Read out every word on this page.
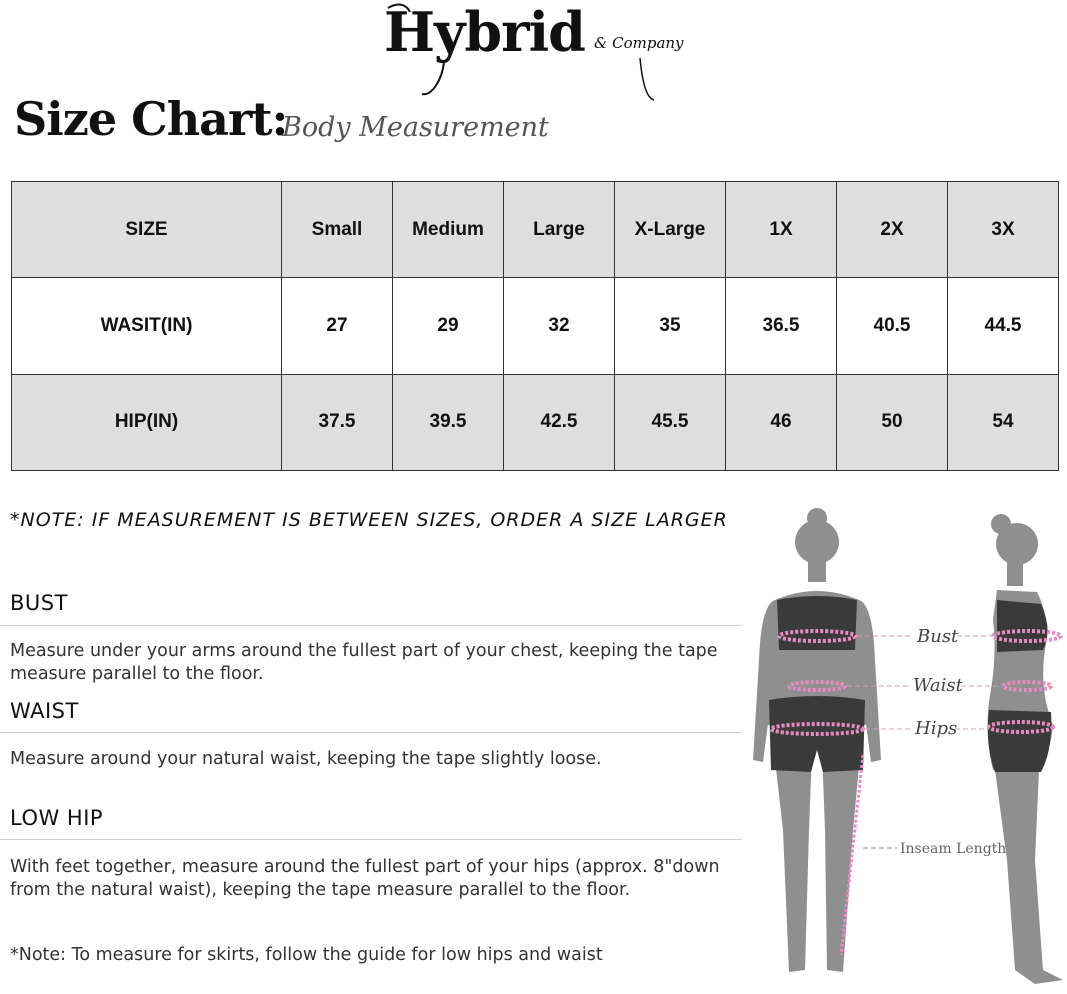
Hybrid & Company
Size Chart:
Body Measurement
SIZE	Small	Medium	Large	X-Large	1X	2X	3X
WASIT(IN)	27	29	32	35	36.5	40.5	44.5
HIP(IN)	37.5	39.5	42.5	45.5	46	50	54
*NOTE: IF MEASUREMENT IS BETWEEN SIZES, ORDER A SIZE LARGER
BUST
Measure under your arms around the fullest part of your chest, keeping the tape measure parallel to the floor.
WAIST
Measure around your natural waist, keeping the tape slightly loose.
LOW HIP
With feet together, measure around the fullest part of your hips (approx. 8"down from the natural waist), keeping the tape measure parallel to the floor.
*Note: To measure for skirts, follow the guide for low hips and waist
Bust
Waist
Hips
Inseam Length
